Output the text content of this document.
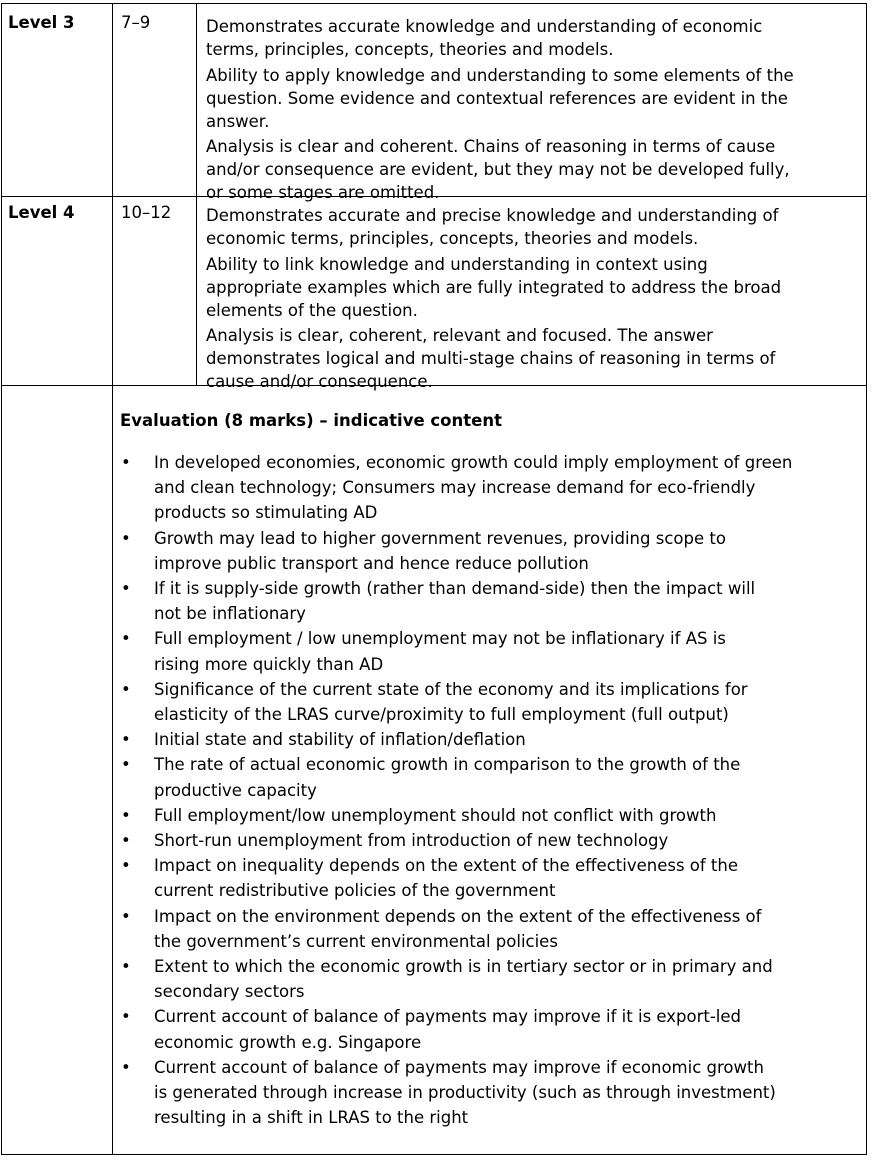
Level 3	7–9	Demonstrates accurate knowledge and understanding of economic
terms, principles, concepts, theories and models.

Ability to apply knowledge and understanding to some elements of the
question. Some evidence and contextual references are evident in the
answer.

Analysis is clear and coherent. Chains of reasoning in terms of cause
and/or consequence are evident, but they may not be developed fully,
or some stages are omitted.

Level 4	10–12 Demonstrates accurate and precise knowledge and understanding of
economic terms, principles, concepts, theories and models.

Ability to link knowledge and understanding in context using
appropriate examples which are fully integrated to address the broad
elements of the question.

Analysis is clear, coherent, relevant and focused. The answer
demonstrates logical and multi-stage chains of reasoning in terms of
cause and/or consequence.

Evaluation (8 marks) – indicative content
• In developed economies, economic growth could imply employment of green
and clean technology; Consumers may increase demand for eco-friendly
products so stimulating AD
• Growth may lead to higher government revenues, providing scope to
improve public transport and hence reduce pollution
• If it is supply-side growth (rather than demand-side) then the impact will
not be inflationary
• Full employment / low unemployment may not be inflationary if AS is
rising more quickly than AD
• Significance of the current state of the economy and its implications for
elasticity of the LRAS curve/proximity to full employment (full output)
• Initial state and stability of inflation/deflation
• The rate of actual economic growth in comparison to the growth of the
productive capacity
• Full employment/low unemployment should not conflict with growth
• Short-run unemployment from introduction of new technology
• Impact on inequality depends on the extent of the effectiveness of the
current redistributive policies of the government
• Impact on the environment depends on the extent of the effectiveness of
the government’s current environmental policies
• Extent to which the economic growth is in tertiary sector or in primary and
secondary sectors
• Current account of balance of payments may improve if it is export-led
economic growth e.g. Singapore
• Current account of balance of payments may improve if economic growth
is generated through increase in productivity (such as through investment)
resulting in a shift in LRAS to the right
